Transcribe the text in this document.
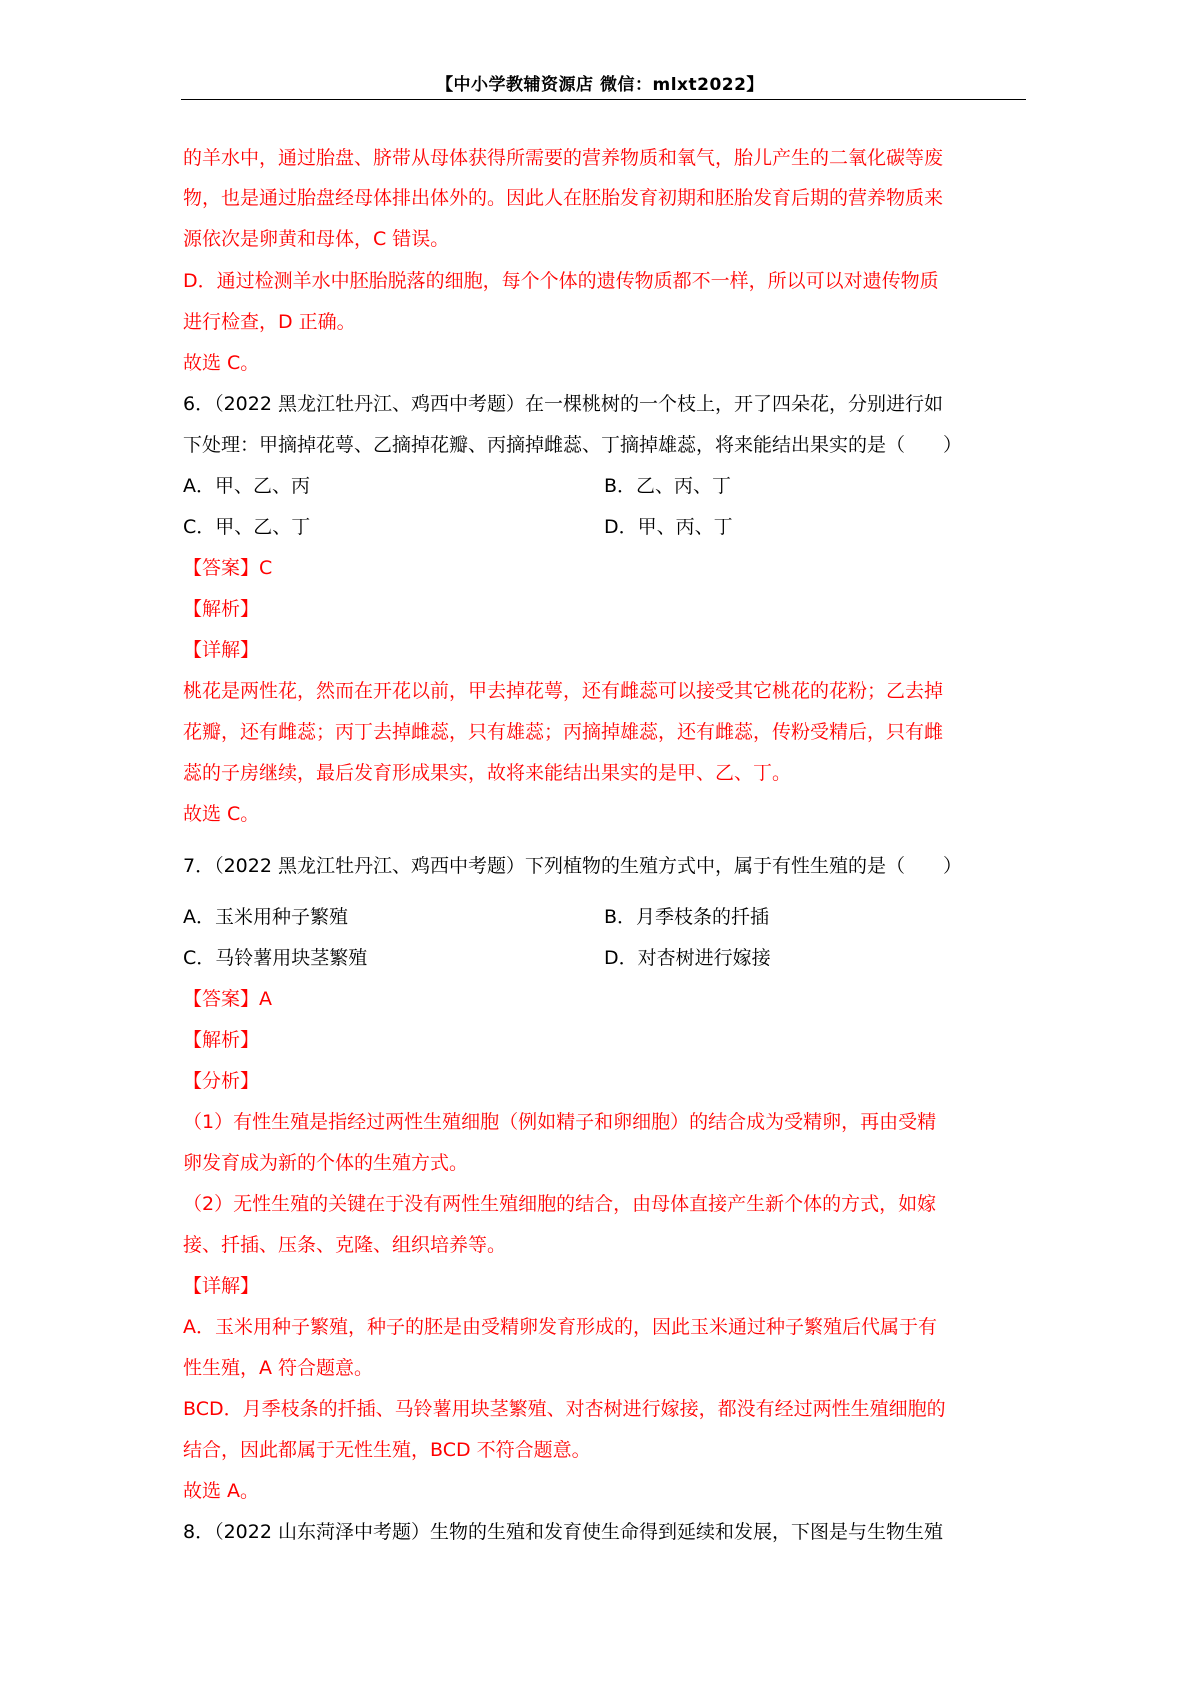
【中小学教辅资源店 微信：mlxt2022】
的羊水中，通过胎盘、脐带从母体获得所需要的营养物质和氧气，胎儿产生的二氧化碳等废
物，也是通过胎盘经母体排出体外的。因此人在胚胎发育初期和胚胎发育后期的营养物质来
源依次是卵黄和母体，C 错误。
D．通过检测羊水中胚胎脱落的细胞，每个个体的遗传物质都不一样，所以可以对遗传物质
进行检查，D 正确。
故选 C。
6．（2022 黑龙江牡丹江、鸡西中考题）在一棵桃树的一个枝上，开了四朵花，分别进行如
下处理：甲摘掉花萼、乙摘掉花瓣、丙摘掉雌蕊、丁摘掉雄蕊，将来能结出果实的是（　　）
A．甲、乙、丙	B．乙、丙、丁
C．甲、乙、丁	D．甲、丙、丁
【答案】C
【解析】
【详解】
桃花是两性花，然而在开花以前，甲去掉花萼，还有雌蕊可以接受其它桃花的花粉；乙去掉
花瓣，还有雌蕊；丙丁去掉雌蕊，只有雄蕊；丙摘掉雄蕊，还有雌蕊，传粉受精后，只有雌
蕊的子房继续，最后发育形成果实，故将来能结出果实的是甲、乙、丁。
故选 C。
7．（2022 黑龙江牡丹江、鸡西中考题）下列植物的生殖方式中，属于有性生殖的是（　　）
A．玉米用种子繁殖	B．月季枝条的扦插
C．马铃薯用块茎繁殖	D．对杏树进行嫁接
【答案】A
【解析】
【分析】
（1）有性生殖是指经过两性生殖细胞（例如精子和卵细胞）的结合成为受精卵，再由受精
卵发育成为新的个体的生殖方式。
（2）无性生殖的关键在于没有两性生殖细胞的结合，由母体直接产生新个体的方式，如嫁
接、扦插、压条、克隆、组织培养等。
【详解】
A．玉米用种子繁殖，种子的胚是由受精卵发育形成的，因此玉米通过种子繁殖后代属于有
性生殖，A 符合题意。
BCD．月季枝条的扦插、马铃薯用块茎繁殖、对杏树进行嫁接，都没有经过两性生殖细胞的
结合，因此都属于无性生殖，BCD 不符合题意。
故选 A。
8．（2022 山东菏泽中考题）生物的生殖和发育使生命得到延续和发展，下图是与生物生殖
